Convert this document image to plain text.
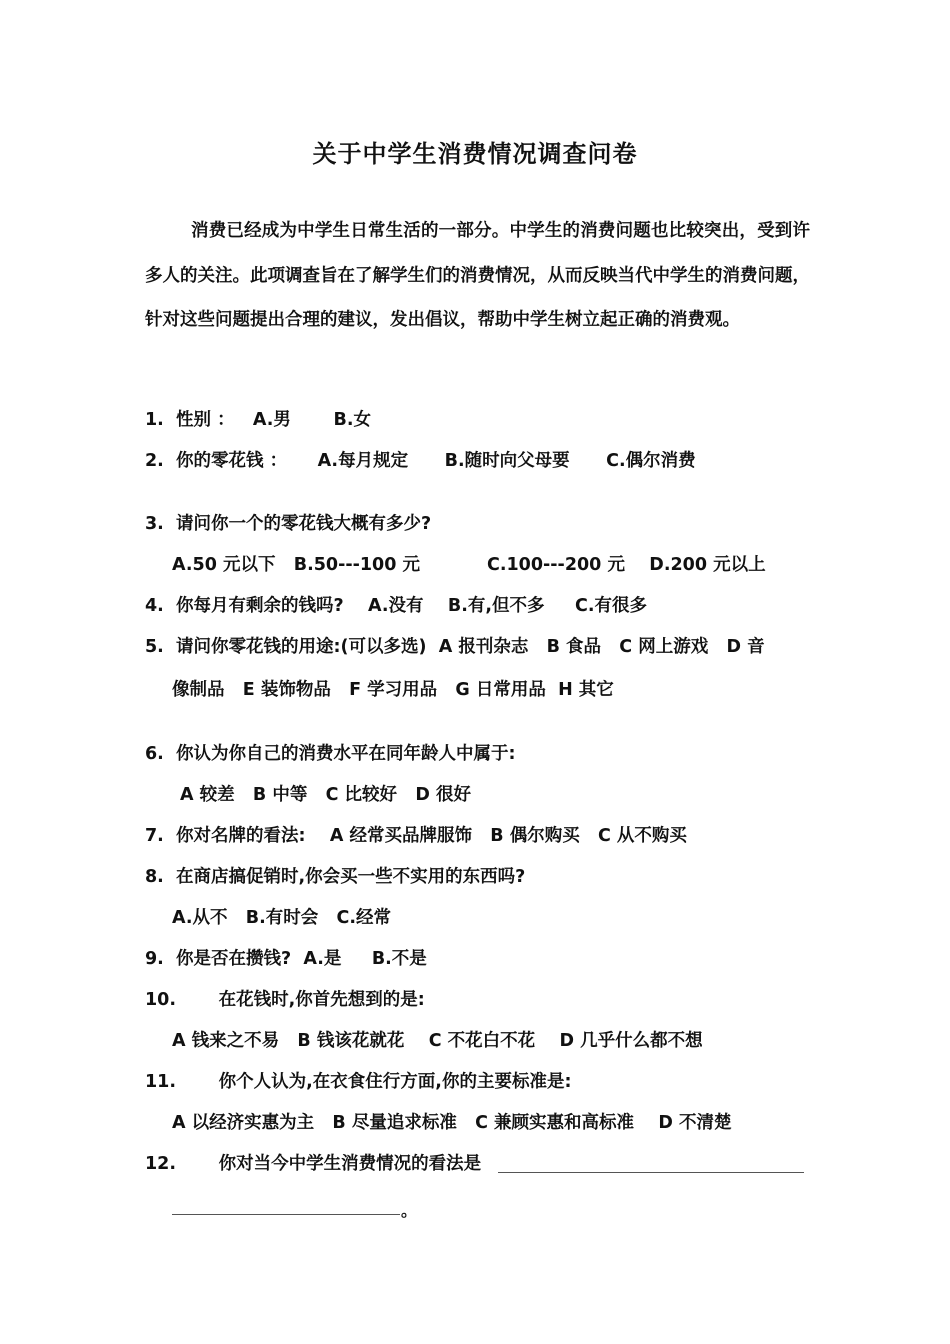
关于中学生消费情况调查问卷
消费已经成为中学生日常生活的一部分。中学生的消费问题也比较突出，受到许多人的关注。此项调查旨在了解学生们的消费情况，从而反映当代中学生的消费问题，针对这些问题提出合理的建议，发出倡议，帮助中学生树立起正确的消费观。
1.  性别 ：   A.男       B.女
2.  你的零花钱 ：     A.每月规定      B.随时向父母要      C.偶尔消费
3.  请问你一个的零花钱大概有多少?
A.50 元以下   B.50---100 元           C.100---200 元    D.200 元以上
4.  你每月有剩余的钱吗?    A.没有    B.有,但不多     C.有很多
5.  请问你零花钱的用途:(可以多选)  A 报刊杂志   B 食品   C 网上游戏   D 音
像制品   E 装饰物品   F 学习用品   G 日常用品  H 其它
6.  你认为你自己的消费水平在同年龄人中属于:
A 较差   B 中等   C 比较好   D 很好
7.  你对名牌的看法:    A 经常买品牌服饰   B 偶尔购买   C 从不购买
8.  在商店搞促销时,你会买一些不实用的东西吗?
A.从不   B.有时会   C.经常
9.  你是否在攒钱?  A.是     B.不是
10.       在花钱时,你首先想到的是:
A 钱来之不易   B 钱该花就花    C 不花白不花    D 几乎什么都不想
11.       你个人认为,在衣食住行方面,你的主要标准是:
A 以经济实惠为主   B 尽量追求标准   C 兼顾实惠和高标准    D 不清楚
12.       你对当今中学生消费情况的看法是
。
